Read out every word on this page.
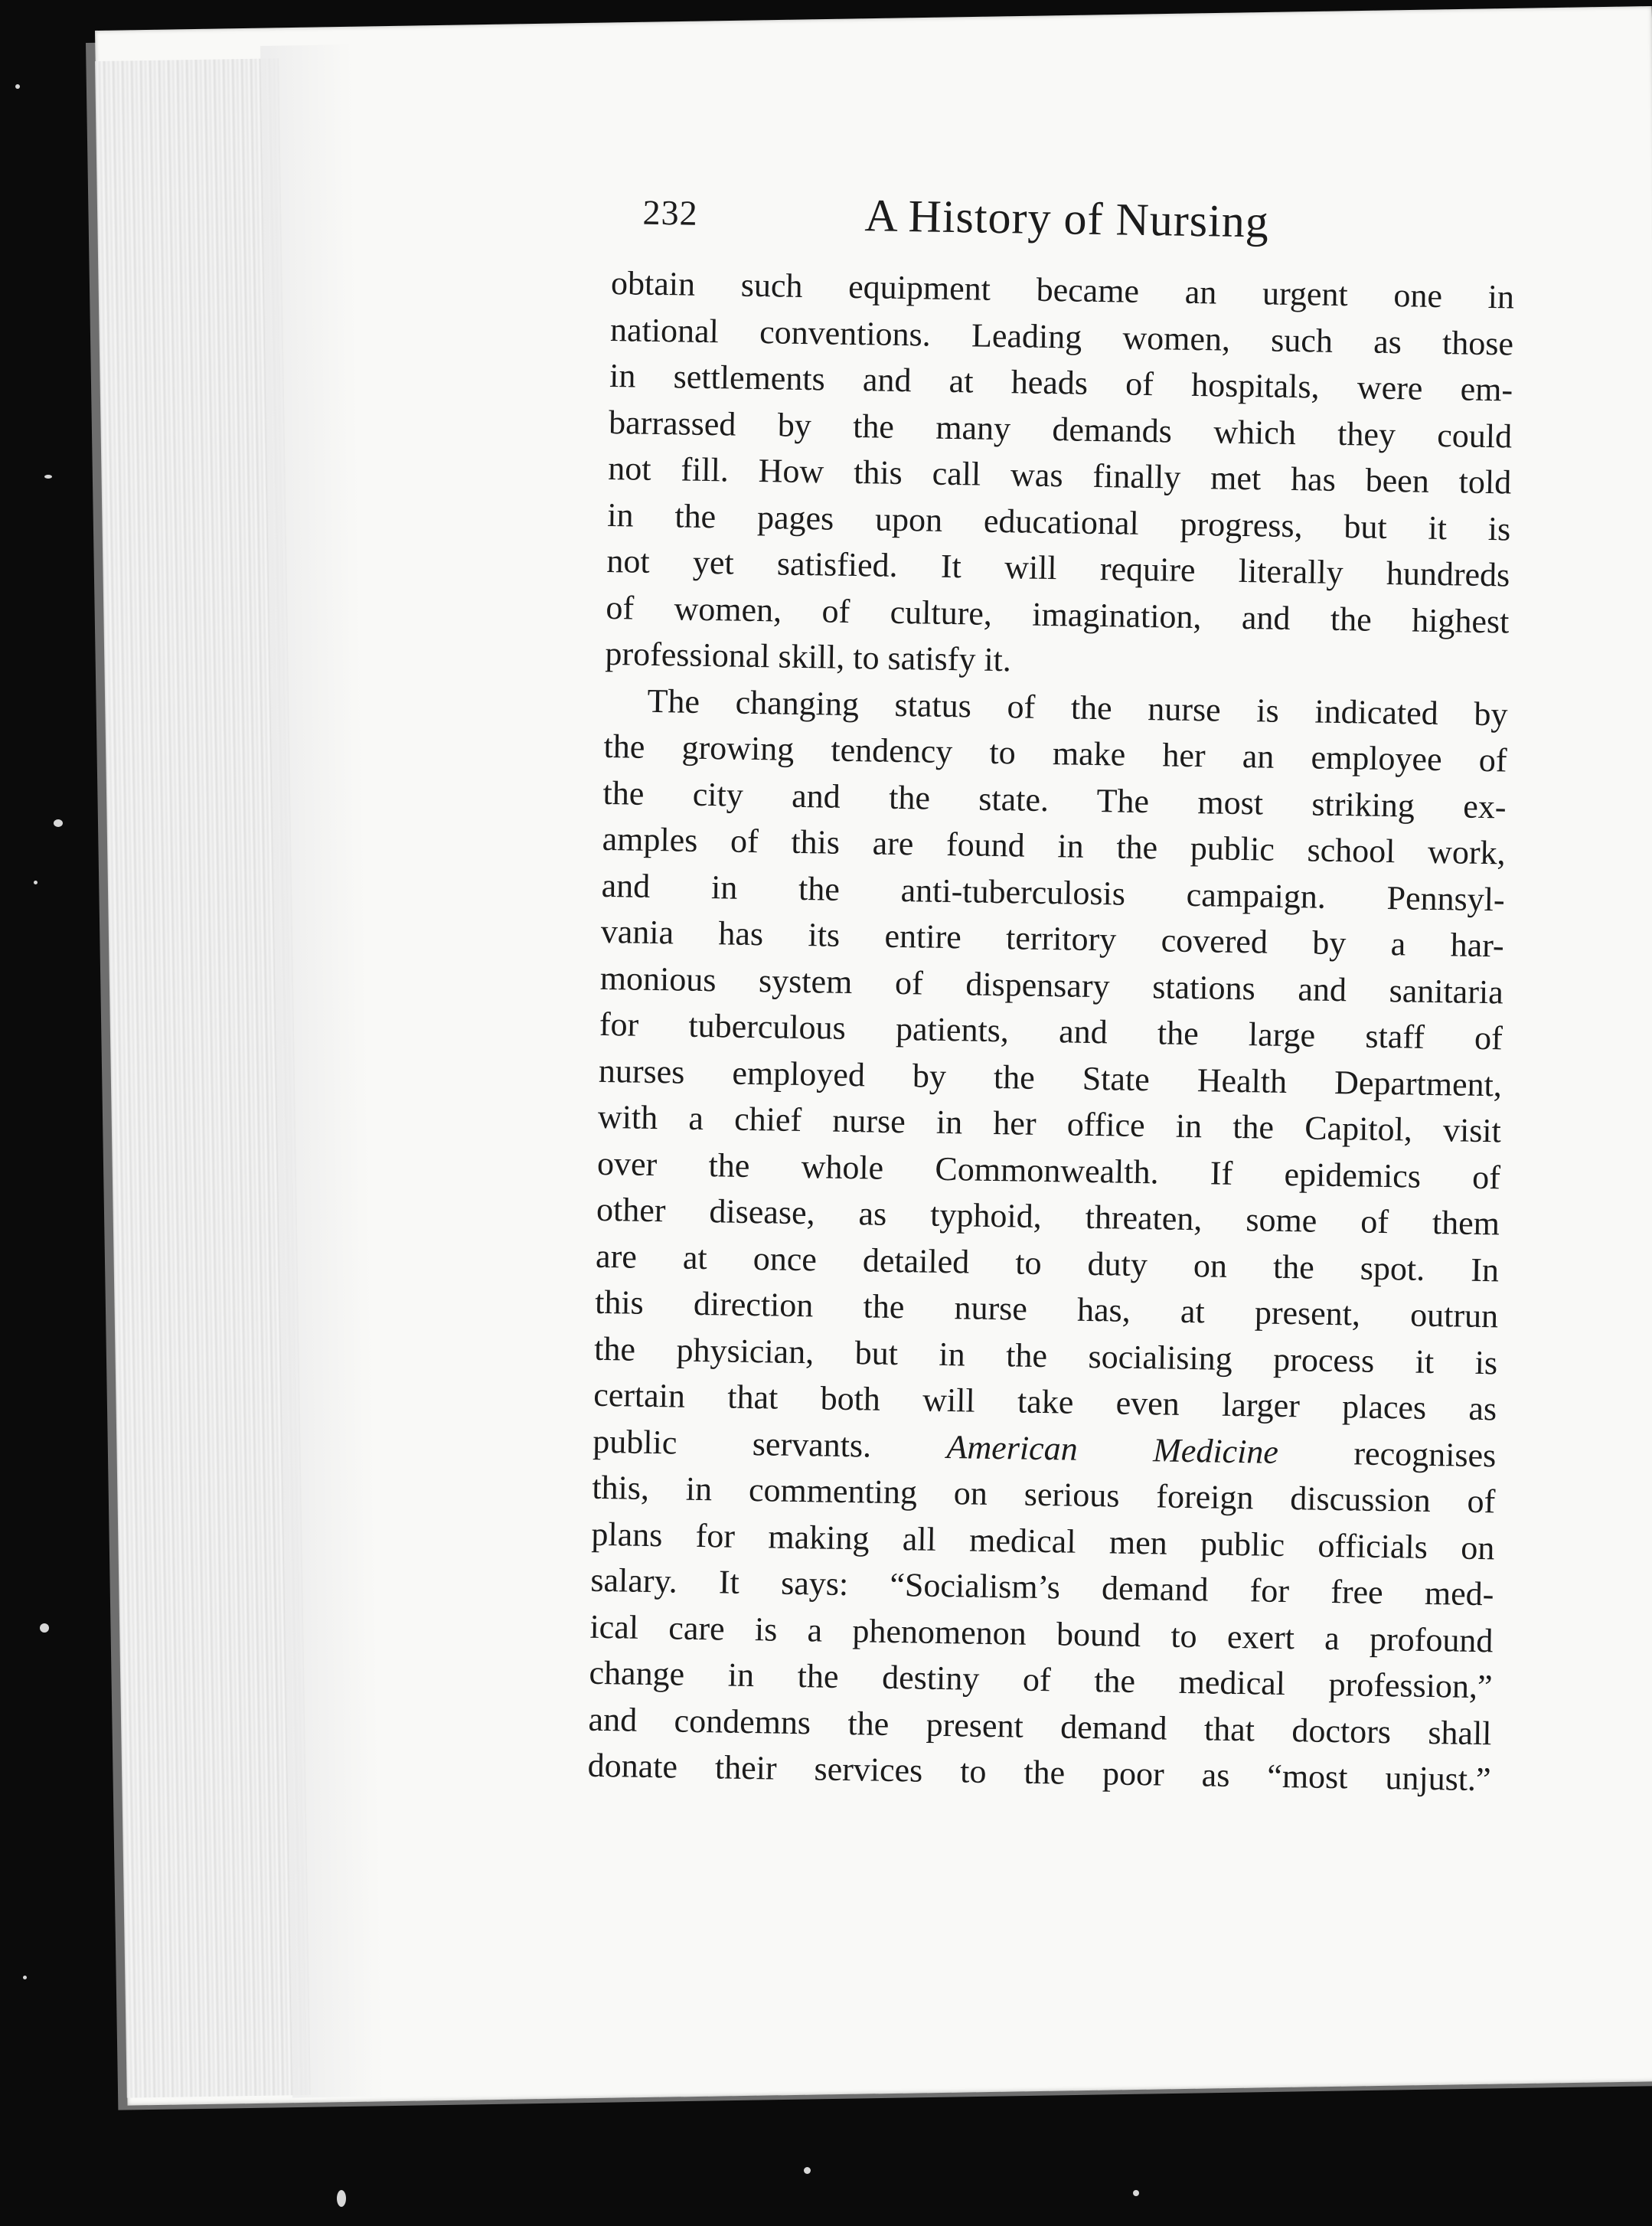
232	A History of Nursing
obtain such equipment became an urgent one in
national conventions. Leading women, such as those
in settlements and at heads of hospitals, were em-
barrassed by the many demands which they could
not fill. How this call was finally met has been told
in the pages upon educational progress, but it is
not yet satisfied. It will require literally hundreds
of women, of culture, imagination, and the highest
professional skill, to satisfy it.
The changing status of the nurse is indicated by
the growing tendency to make her an employee of
the city and the state. The most striking ex-
amples of this are found in the public school work,
and in the anti-tuberculosis campaign. Pennsyl-
vania has its entire territory covered by a har-
monious system of dispensary stations and sanitaria
for tuberculous patients, and the large staff of
nurses employed by the State Health Department,
with a chief nurse in her office in the Capitol, visit
over the whole Commonwealth. If epidemics of
other disease, as typhoid, threaten, some of them
are at once detailed to duty on the spot. In
this direction the nurse has, at present, outrun
the physician, but in the socialising process it is
certain that both will take even larger places as
public servants. American Medicine recognises
this, in commenting on serious foreign discussion of
plans for making all medical men public officials on
salary. It says: “Socialism’s demand for free med-
ical care is a phenomenon bound to exert a profound
change in the destiny of the medical profession,”
and condemns the present demand that doctors shall
donate their services to the poor as “most unjust.”
